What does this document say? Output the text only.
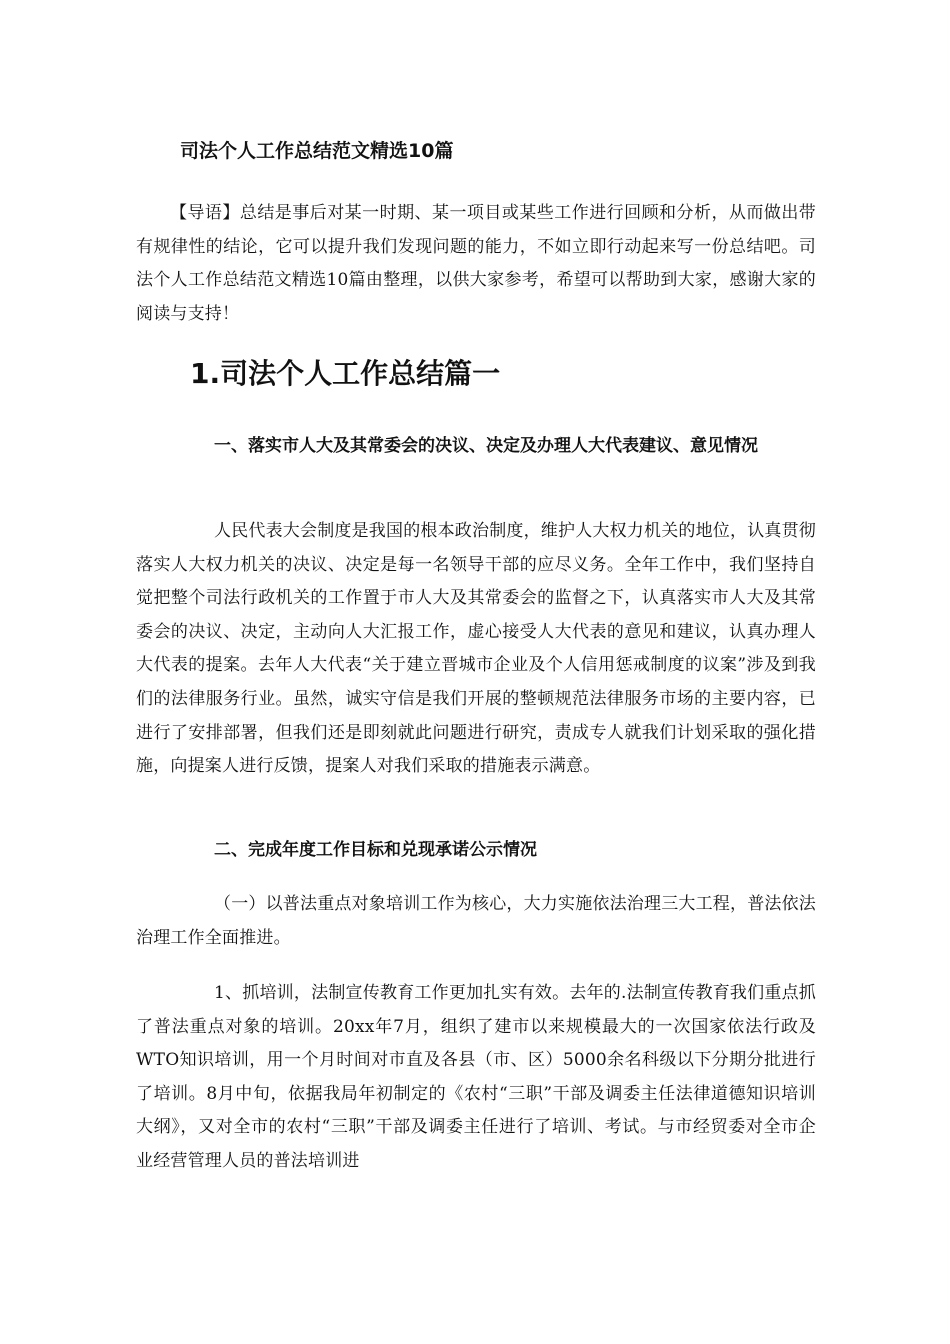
司法个人工作总结范文精选10篇

【导语】总结是事后对某一时期、某一项目或某些工作进行回顾和分析，从而做出带有规律性的结论，它可以提升我们发现问题的能力，不如立即行动起来写一份总结吧。司法个人工作总结范文精选10篇由整理，以供大家参考，希望可以帮助到大家，感谢大家的阅读与支持！

1.司法个人工作总结篇一
一、落实市人大及其常委会的决议、决定及办理人大代表建议、意见情况

人民代表大会制度是我国的根本政治制度，维护人大权力机关的地位，认真贯彻落实人大权力机关的决议、决定是每一名领导干部的应尽义务。全年工作中，我们坚持自觉把整个司法行政机关的工作置于市人大及其常委会的监督之下，认真落实市人大及其常委会的决议、决定，主动向人大汇报工作，虚心接受人大代表的意见和建议，认真办理人大代表的提案。去年人大代表“关于建立晋城市企业及个人信用惩戒制度的议案”涉及到我们的法律服务行业。虽然，诚实守信是我们开展的整顿规范法律服务市场的主要内容，已进行了安排部署，但我们还是即刻就此问题进行研究，责成专人就我们计划采取的强化措施，向提案人进行反馈，提案人对我们采取的措施表示满意。

二、完成年度工作目标和兑现承诺公示情况

（一）以普法重点对象培训工作为核心，大力实施依法治理三大工程，普法依法治理工作全面推进。

1、抓培训，法制宣传教育工作更加扎实有效。去年的.法制宣传教育我们重点抓了普法重点对象的培训。20xx年7月，组织了建市以来规模最大的一次国家依法行政及WTO知识培训，用一个月时间对市直及各县（市、区）5000余名科级以下分期分批进行了培训。8月中旬，依据我局年初制定的《农村“三职”干部及调委主任法律道德知识培训大纲》，又对全市的农村“三职”干部及调委主任进行了培训、考试。与市经贸委对全市企业经营管理人员的普法培训进
